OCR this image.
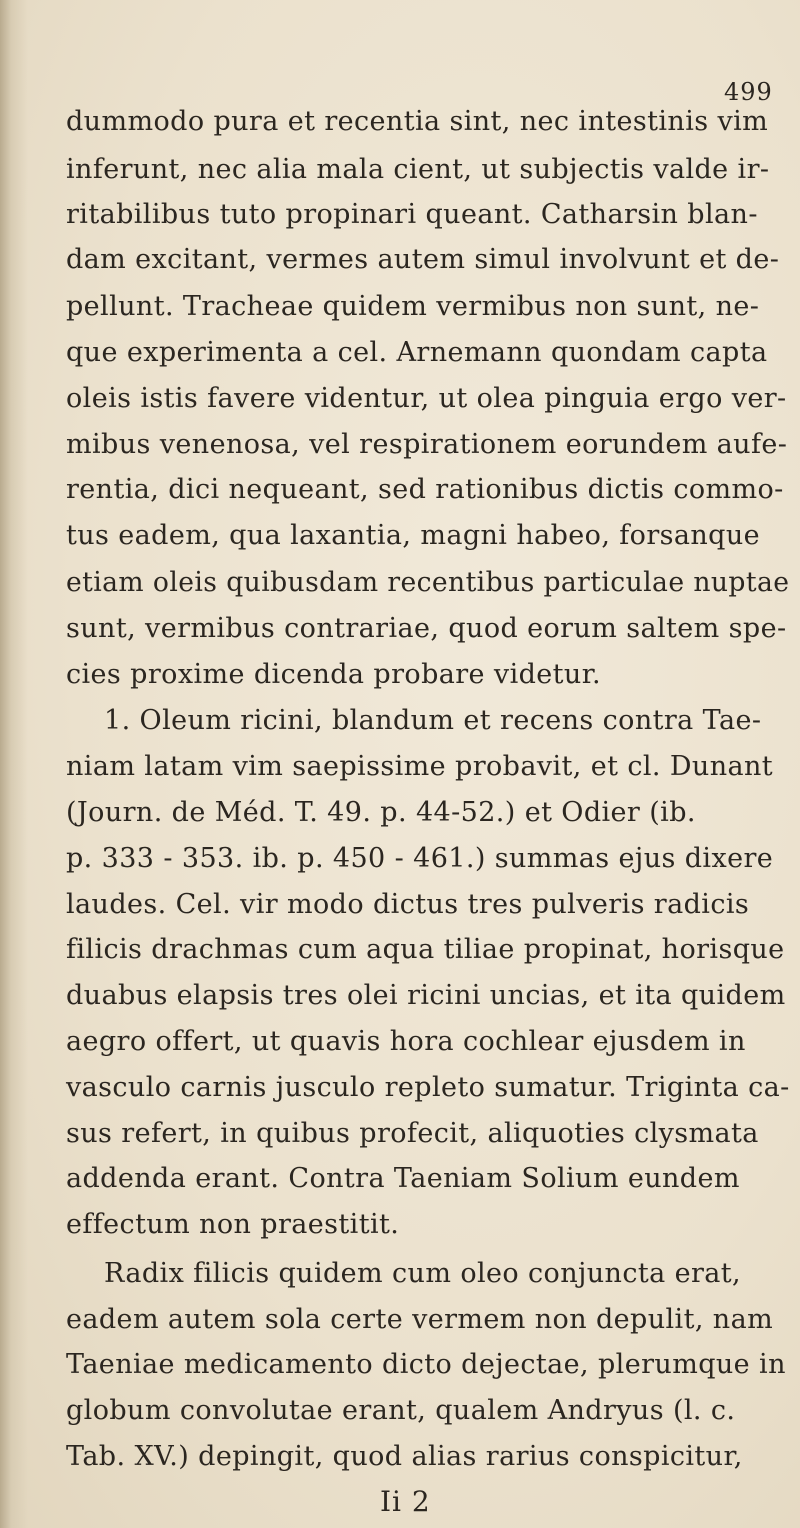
499
dummodo pura et recentia sint, nec intestinis vim
inferunt, nec alia mala cient, ut subjectis valde ir-
ritabilibus tuto propinari queant. Catharsin blan-
dam excitant, vermes autem simul involvunt et de-
pellunt. Tracheae quidem vermibus non sunt, ne-
que experimenta a cel. Arnemann quondam capta
oleis istis favere videntur, ut olea pinguia ergo ver-
mibus venenosa, vel respirationem eorundem aufe-
rentia, dici nequeant, sed rationibus dictis commo-
tus eadem, qua laxantia, magni habeo, forsanque
etiam oleis quibusdam recentibus particulae nuptae
sunt, vermibus contrariae, quod eorum saltem spe-
cies proxime dicenda probare videtur.
1. Oleum ricini, blandum et recens contra Tae-
niam latam vim saepissime probavit, et cl. Dunant
(Journ. de Méd. T. 49. p. 44-52.) et Odier (ib.
p. 333 - 353. ib. p. 450 - 461.) summas ejus dixere
laudes. Cel. vir modo dictus tres pulveris radicis
filicis drachmas cum aqua tiliae propinat, horisque
duabus elapsis tres olei ricini uncias, et ita quidem
aegro offert, ut quavis hora cochlear ejusdem in
vasculo carnis jusculo repleto sumatur. Triginta ca-
sus refert, in quibus profecit, aliquoties clysmata
addenda erant. Contra Taeniam Solium eundem
effectum non praestitit.
Radix filicis quidem cum oleo conjuncta erat,
eadem autem sola certe vermem non depulit, nam
Taeniae medicamento dicto dejectae, plerumque in
globum convolutae erant, qualem Andryus (l. c.
Tab. XV.) depingit, quod alias rarius conspicitur,
Ii 2
